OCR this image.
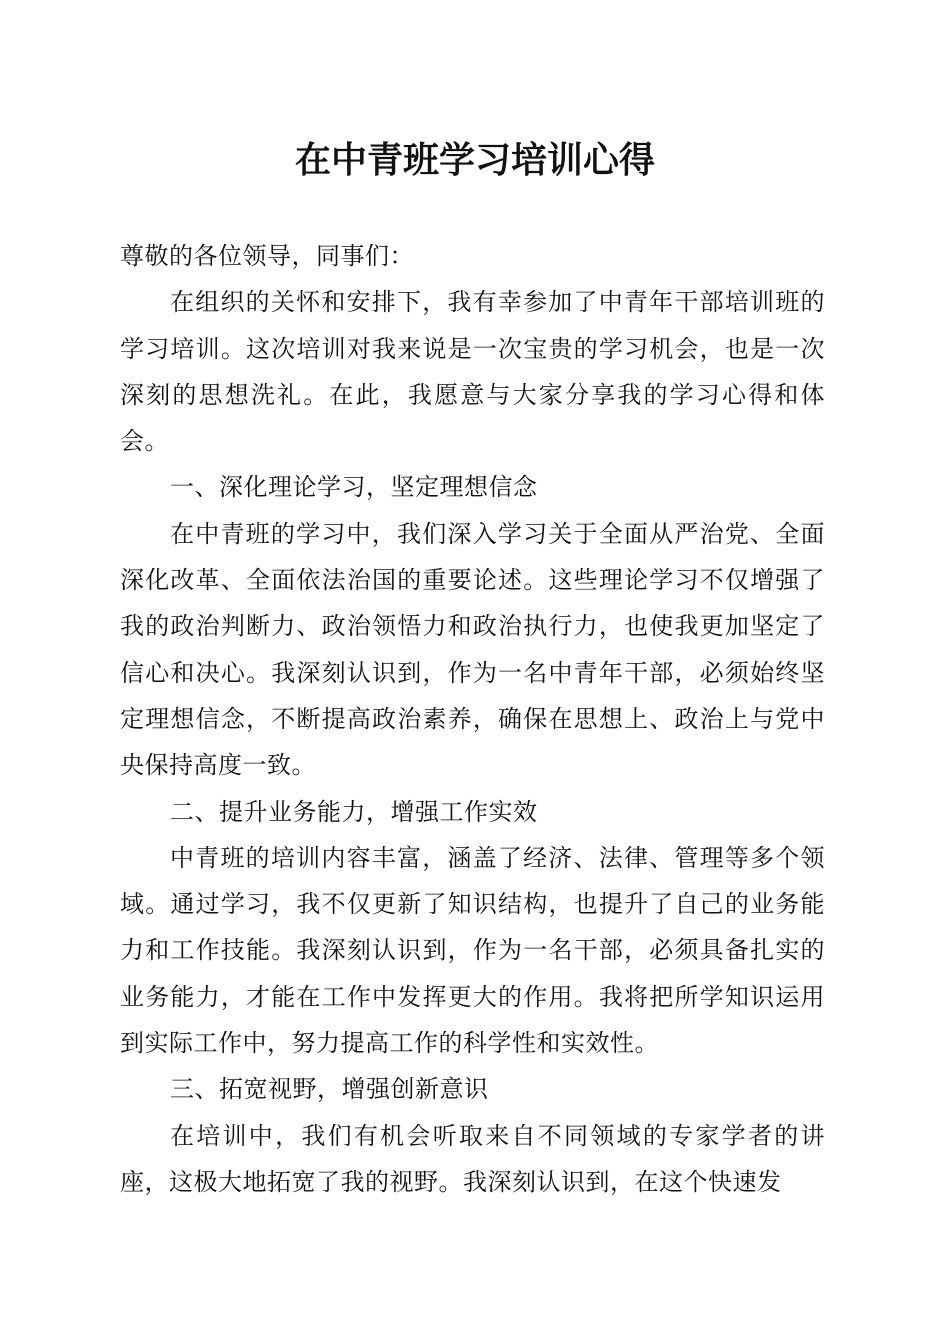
在中青班学习培训心得

尊敬的各位领导，同事们：

在组织的关怀和安排下，我有幸参加了中青年干部培训班的学习培训。这次培训对我来说是一次宝贵的学习机会，也是一次深刻的思想洗礼。在此，我愿意与大家分享我的学习心得和体会。

一、深化理论学习，坚定理想信念

在中青班的学习中，我们深入学习关于全面从严治党、全面深化改革、全面依法治国的重要论述。这些理论学习不仅增强了我的政治判断力、政治领悟力和政治执行力，也使我更加坚定了信心和决心。我深刻认识到，作为一名中青年干部，必须始终坚定理想信念，不断提高政治素养，确保在思想上、政治上与党中央保持高度一致。

二、提升业务能力，增强工作实效

中青班的培训内容丰富，涵盖了经济、法律、管理等多个领域。通过学习，我不仅更新了知识结构，也提升了自己的业务能力和工作技能。我深刻认识到，作为一名干部，必须具备扎实的业务能力，才能在工作中发挥更大的作用。我将把所学知识运用到实际工作中，努力提高工作的科学性和实效性。

三、拓宽视野，增强创新意识

在培训中，我们有机会听取来自不同领域的专家学者的讲座，这极大地拓宽了我的视野。我深刻认识到，在这个快速发
